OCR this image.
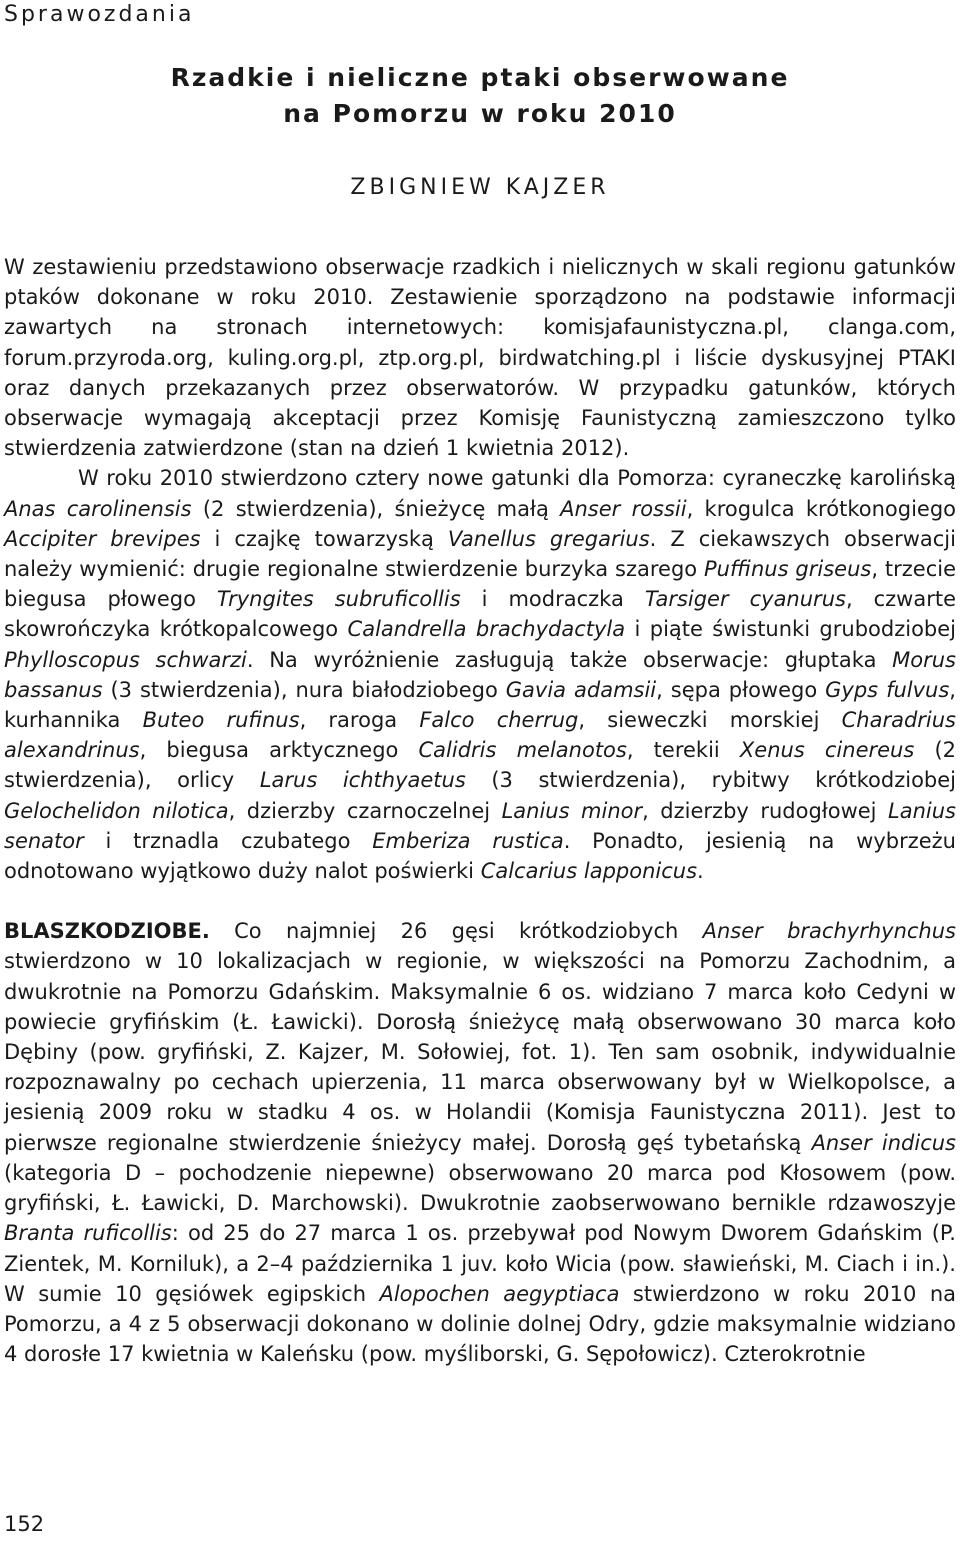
Sprawozdania
Rzadkie i nieliczne ptaki obserwowane
na Pomorzu w roku 2010
ZBIGNIEW KAJZER

W zestawieniu przedstawiono obserwacje rzadkich i nielicznych w skali regionu gatunków ptaków dokonane w roku 2010. Zestawienie sporządzono na podstawie informacji zawartych na stronach internetowych: komisjafaunistyczna.pl, clanga.com, forum.przyroda.org, kuling.org.pl, ztp.org.pl, birdwatching.pl i liście dyskusyjnej PTAKI oraz danych przekazanych przez obserwatorów. W przypadku gatunków, których obserwacje wymagają akceptacji przez Komisję Faunistyczną zamieszczono tylko stwierdzenia zatwierdzone (stan na dzień 1 kwietnia 2012).

W roku 2010 stwierdzono cztery nowe gatunki dla Pomorza: cyraneczkę karolińską Anas carolinensis (2 stwierdzenia), śnieżycę małą Anser rossii, krogulca krótkonogiego Accipiter brevipes i czajkę towarzyską Vanellus gregarius. Z ciekawszych obserwacji należy wymienić: drugie regionalne stwierdzenie burzyka szarego Puffinus griseus, trzecie biegusa płowego Tryngites subruficollis i modraczka Tarsiger cyanurus, czwarte skowrończyka krótkopalcowego Calandrella brachydactyla i piąte świstunki grubodziobej Phylloscopus schwarzi. Na wyróżnienie zasługują także obserwacje: głuptaka Morus bassanus (3 stwierdzenia), nura białodziobego Gavia adamsii, sępa płowego Gyps fulvus, kurhannika Buteo rufinus, raroga Falco cherrug, sieweczki morskiej Charadrius alexandrinus, biegusa arktycznego Calidris melanotos, terekii Xenus cinereus (2 stwierdzenia), orlicy Larus ichthyaetus (3 stwierdzenia), rybitwy krótkodziobej Gelochelidon nilotica, dzierzby czarnoczelnej Lanius minor, dzierzby rudogłowej Lanius senator i trznadla czubatego Emberiza rustica. Ponadto, jesienią na wybrzeżu odnotowano wyjątkowo duży nalot poświerki Calcarius lapponicus.

BLASZKODZIOBE. Co najmniej 26 gęsi krótkodziobych Anser brachyrhynchus stwierdzono w 10 lokalizacjach w regionie, w większości na Pomorzu Zachodnim, a dwukrotnie na Pomorzu Gdańskim. Maksymalnie 6 os. widziano 7 marca koło Cedyni w powiecie gryfińskim (Ł. Ławicki). Dorosłą śnieżycę małą obserwowano 30 marca koło Dębiny (pow. gryfiński, Z. Kajzer, M. Sołowiej, fot. 1). Ten sam osobnik, indywidualnie rozpoznawalny po cechach upierzenia, 11 marca obserwowany był w Wielkopolsce, a jesienią 2009 roku w stadku 4 os. w Holandii (Komisja Faunistyczna 2011). Jest to pierwsze regionalne stwierdzenie śnieżycy małej. Dorosłą gęś tybetańską Anser indicus (kategoria D – pochodzenie niepewne) obserwowano 20 marca pod Kłosowem (pow. gryfiński, Ł. Ławicki, D. Marchowski). Dwukrotnie zaobserwowano bernikle rdzawoszyje Branta ruficollis: od 25 do 27 marca 1 os. przebywał pod Nowym Dworem Gdańskim (P. Zientek, M. Korniluk), a 2–4 października 1 juv. koło Wicia (pow. sławieński, M. Ciach i in.). W sumie 10 gęsiówek egipskich Alopochen aegyptiaca stwierdzono w roku 2010 na Pomorzu, a 4 z 5 obserwacji dokonano w dolinie dolnej Odry, gdzie maksymalnie widziano 4 dorosłe 17 kwietnia w Kaleńsku (pow. myśliborski, G. Sępołowicz). Czterokrotnie

152
